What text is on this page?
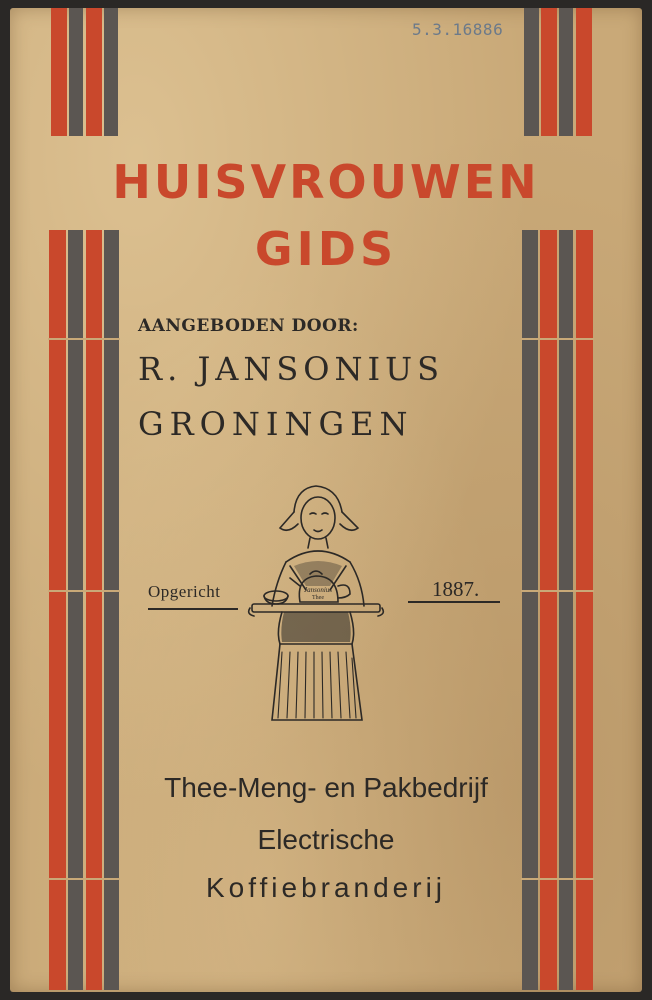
5.3.16886
HUISVROUWEN
GIDS
AANGEBODEN DOOR:
R. JANSONIUS
GRONINGEN
Opgericht	1887.
Jansonius
Thee
Thee-Meng- en Pakbedrijf
Electrische
Koffiebranderij
